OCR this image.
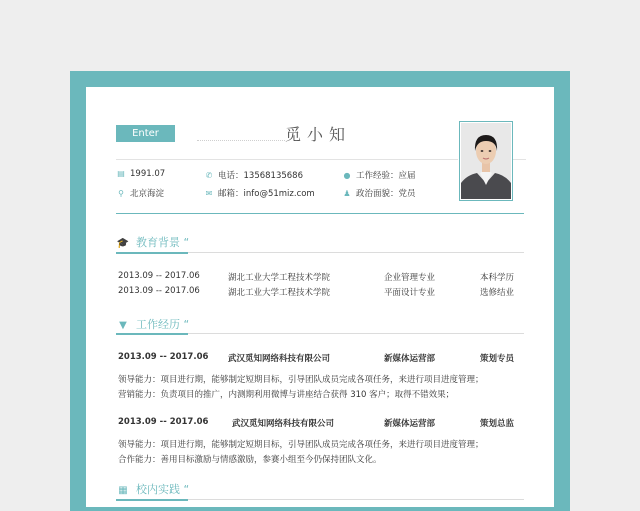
Enter	觅小知
▤ 1991.07	✆ 电话：13568135686	● 工作经验：应届
⚲ 北京海淀	✉ 邮箱：info@51miz.com	♟ 政治面貌：党员
🎓 教育背景 “
2013.09 -- 2017.06	湖北工业大学工程技术学院	企业管理专业	本科学历
2013.09 -- 2017.06	湖北工业大学工程技术学院	平面设计专业	选修结业
▼ 工作经历 “
2013.09 -- 2017.06 武汉觅知网络科技有限公司	新媒体运营部	策划专员
领导能力：项目进行期，能够制定短期目标，引导团队成员完成各项任务，来进行项目进度管理；
营销能力：负责项目的推广，内测期利用微博与讲座结合获得 310 客户；取得不错效果；
2013.09 -- 2017.06	武汉觅知网络科技有限公司	新媒体运营部	策划总监
领导能力：项目进行期，能够制定短期目标，引导团队成员完成各项任务，来进行项目进度管理；
合作能力：善用目标激励与情感激励，参赛小组至今仍保持团队文化。
▦ 校内实践 “
